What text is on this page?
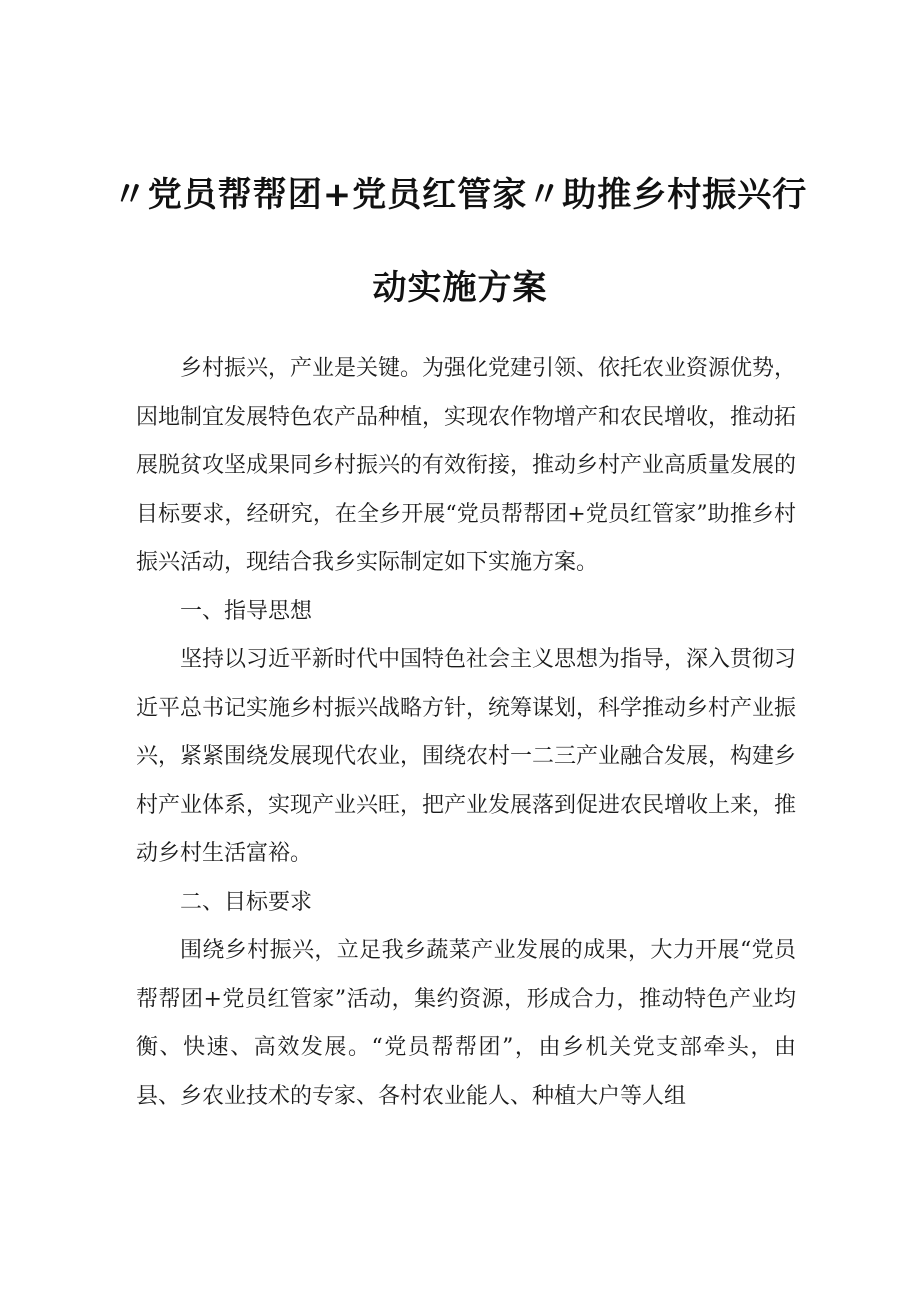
〃党员帮帮团+党员红管家〃助推乡村振兴行
动实施方案

乡村振兴，产业是关键。为强化党建引领、依托农业资源优势，因地制宜发展特色农产品种植，实现农作物增产和农民增收，推动拓展脱贫攻坚成果同乡村振兴的有效衔接，推动乡村产业高质量发展的目标要求，经研究，在全乡开展“党员帮帮团+党员红管家”助推乡村振兴活动，现结合我乡实际制定如下实施方案。

一、指导思想

坚持以习近平新时代中国特色社会主义思想为指导，深入贯彻习近平总书记实施乡村振兴战略方针，统筹谋划，科学推动乡村产业振兴，紧紧围绕发展现代农业，围绕农村一二三产业融合发展，构建乡村产业体系，实现产业兴旺，把产业发展落到促进农民增收上来，推动乡村生活富裕。

二、目标要求

围绕乡村振兴，立足我乡蔬菜产业发展的成果，大力开展“党员帮帮团+党员红管家”活动，集约资源，形成合力，推动特色产业均衡、快速、高效发展。“党员帮帮团”，由乡机关党支部牵头，由县、乡农业技术的专家、各村农业能人、种植大户等人组
